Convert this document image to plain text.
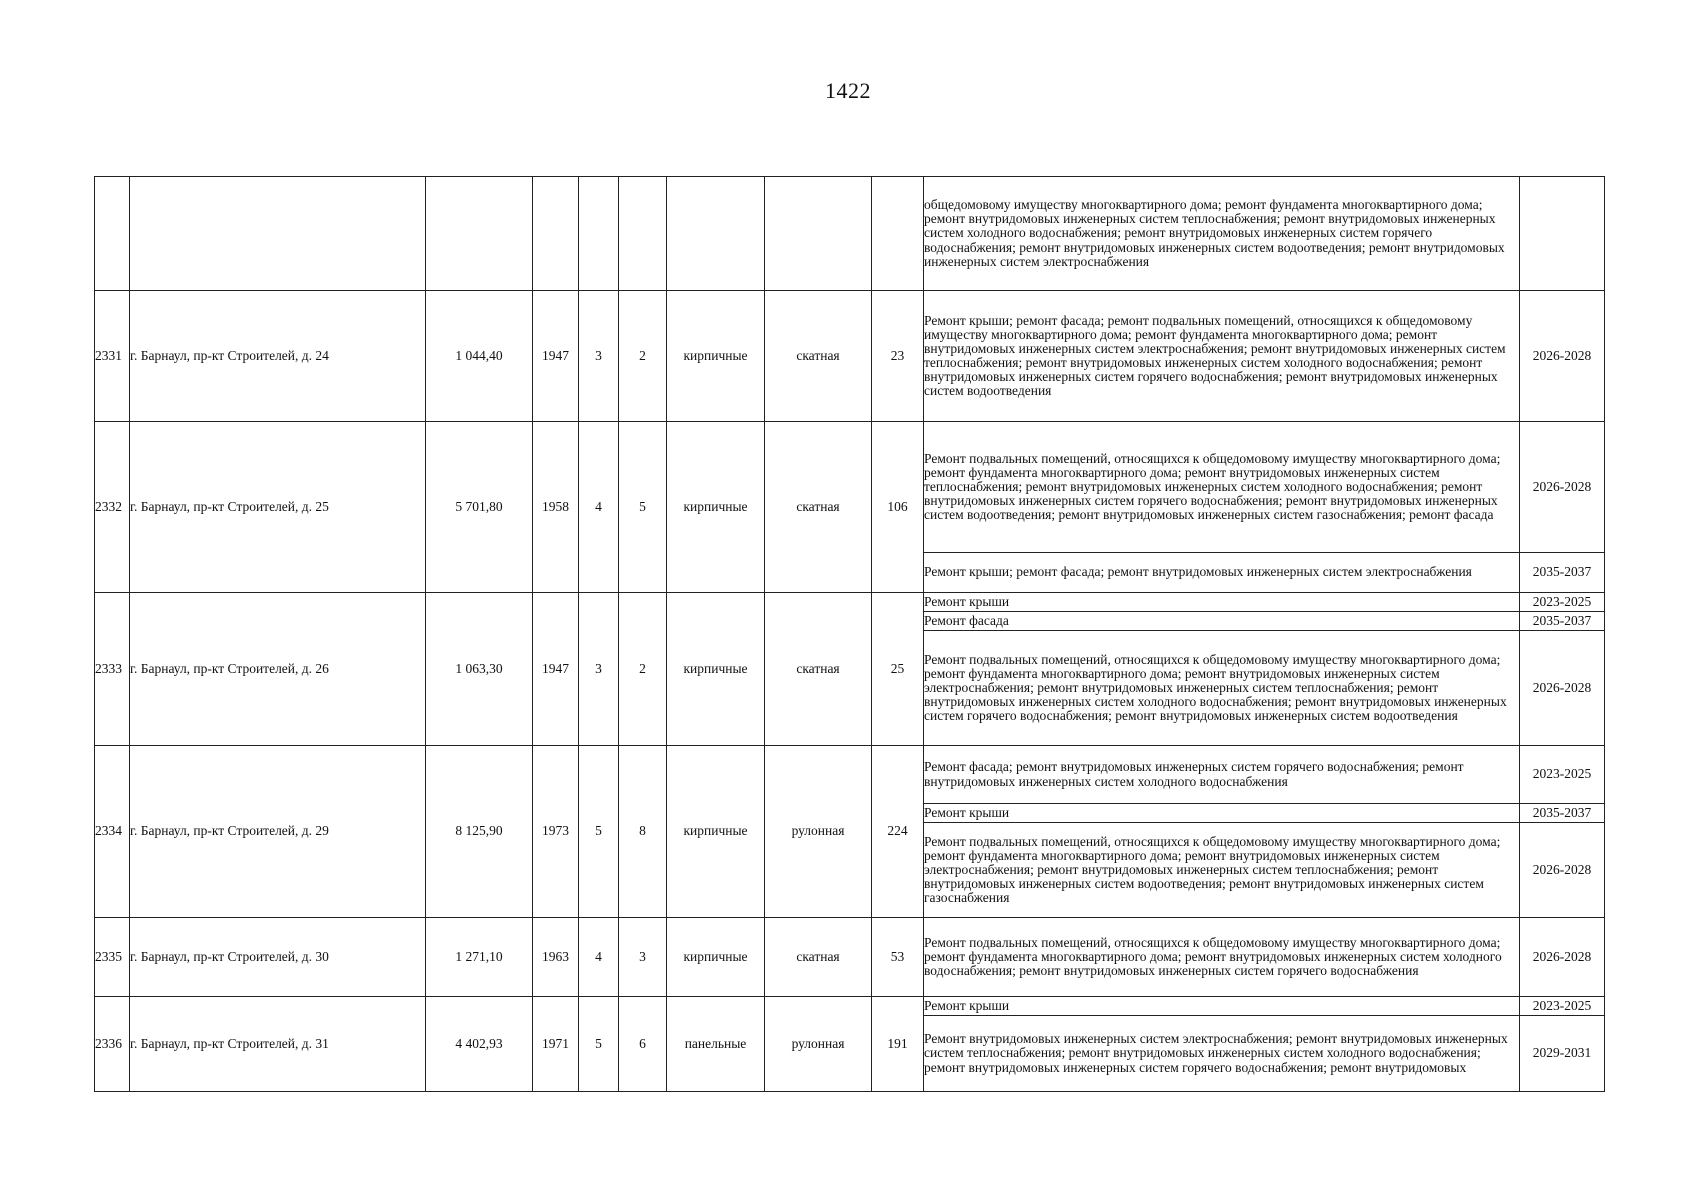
1422
									общедомовому имуществу многоквартирного дома; ремонт фундамента многоквартирного дома; ремонт внутридомовых инженерных систем теплоснабжения; ремонт внутридомовых инженерных систем холодного водоснабжения; ремонт внутридомовых инженерных систем горячего водоснабжения; ремонт внутридомовых инженерных систем водоотведения; ремонт внутридомовых инженерных систем электроснабжения	
2331	г. Барнаул, пр-кт Строителей, д. 24	1 044,40	1947	3	2	кирпичные	скатная	23	Ремонт крыши; ремонт фасада; ремонт подвальных помещений, относящихся к общедомовому имуществу многоквартирного дома; ремонт фундамента многоквартирного дома; ремонт внутридомовых инженерных систем электроснабжения; ремонт внутридомовых инженерных систем теплоснабжения; ремонт внутридомовых инженерных систем холодного водоснабжения; ремонт внутридомовых инженерных систем горячего водоснабжения; ремонт внутридомовых инженерных систем водоотведения	2026-2028
2332	г. Барнаул, пр-кт Строителей, д. 25	5 701,80	1958	4	5	кирпичные	скатная	106	Ремонт подвальных помещений, относящихся к общедомовому имуществу многоквартирного дома; ремонт фундамента многоквартирного дома; ремонт внутридомовых инженерных систем теплоснабжения; ремонт внутридомовых инженерных систем холодного водоснабжения; ремонт внутридомовых инженерных систем горячего водоснабжения; ремонт внутридомовых инженерных систем водоотведения; ремонт внутридомовых инженерных систем газоснабжения; ремонт фасада	2026-2028
									Ремонт крыши; ремонт фасада; ремонт внутридомовых инженерных систем электроснабжения	2035-2037
2333	г. Барнаул, пр-кт Строителей, д. 26	1 063,30	1947	3	2	кирпичные	скатная	25	Ремонт крыши	2023-2025
									Ремонт фасада	2035-2037
									Ремонт подвальных помещений, относящихся к общедомовому имуществу многоквартирного дома; ремонт фундамента многоквартирного дома; ремонт внутридомовых инженерных систем электроснабжения; ремонт внутридомовых инженерных систем теплоснабжения; ремонт внутридомовых инженерных систем холодного водоснабжения; ремонт внутридомовых инженерных систем горячего водоснабжения; ремонт внутридомовых инженерных систем водоотведения	2026-2028
2334	г. Барнаул, пр-кт Строителей, д. 29	8 125,90	1973	5	8	кирпичные	рулонная	224	Ремонт фасада; ремонт внутридомовых инженерных систем горячего водоснабжения; ремонт внутридомовых инженерных систем холодного водоснабжения	2023-2025
									Ремонт крыши	2035-2037
									Ремонт подвальных помещений, относящихся к общедомовому имуществу многоквартирного дома; ремонт фундамента многоквартирного дома; ремонт внутридомовых инженерных систем электроснабжения; ремонт внутридомовых инженерных систем теплоснабжения; ремонт внутридомовых инженерных систем водоотведения; ремонт внутридомовых инженерных систем газоснабжения	2026-2028
2335	г. Барнаул, пр-кт Строителей, д. 30	1 271,10	1963	4	3	кирпичные	скатная	53	Ремонт подвальных помещений, относящихся к общедомовому имуществу многоквартирного дома; ремонт фундамента многоквартирного дома; ремонт внутридомовых инженерных систем холодного водоснабжения; ремонт внутридомовых инженерных систем горячего водоснабжения	2026-2028
2336	г. Барнаул, пр-кт Строителей, д. 31	4 402,93	1971	5	6	панельные	рулонная	191	Ремонт крыши	2023-2025
									Ремонт внутридомовых инженерных систем электроснабжения; ремонт внутридомовых инженерных систем теплоснабжения; ремонт внутридомовых инженерных систем холодного водоснабжения; ремонт внутридомовых инженерных систем горячего водоснабжения; ремонт внутридомовых	2029-2031
